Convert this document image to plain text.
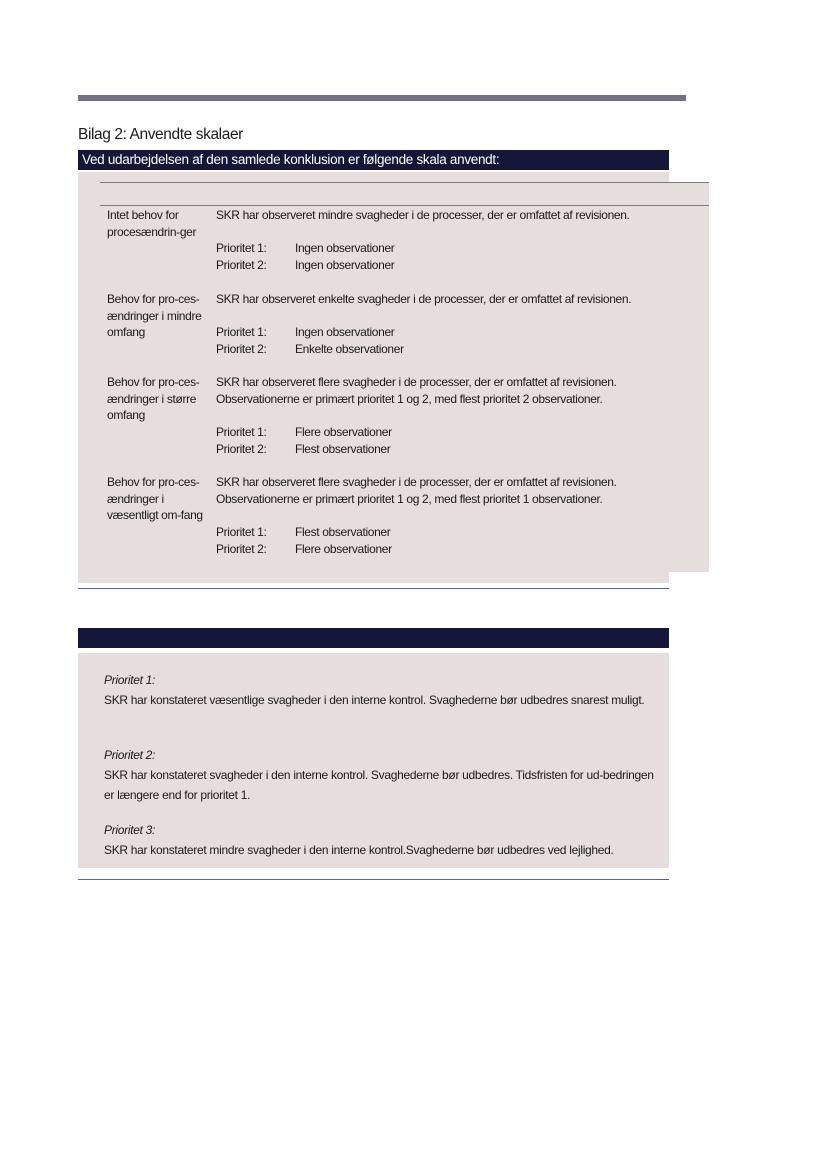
Bilag 2: Anvendte skalaer
Ved udarbejdelsen af den samlede konklusion er følgende skala anvendt:
Intet behov for procesændrin-ger
SKR har observeret mindre svagheder i de processer, der er omfattet af revisionen.
Prioritet 1: Ingen observationer
Prioritet 2: Ingen observationer
Behov for pro-ces- ændringer i mindre omfang
SKR har observeret enkelte svagheder i de processer, der er omfattet af revisionen.
Prioritet 1: Ingen observationer
Prioritet 2: Enkelte observationer
Behov for pro-ces-ændringer i større omfang
SKR har observeret flere svagheder i de processer, der er omfattet af revisionen. Observationerne er primært prioritet 1 og 2, med flest prioritet 2 observationer.
Prioritet 1: Flere observationer
Prioritet 2: Flest observationer
Behov for pro-ces-ændringer i væsentligt om-fang
SKR har observeret flere svagheder i de processer, der er omfattet af revisionen. Observationerne er primært prioritet 1 og 2, med flest prioritet 1 observationer.
Prioritet 1: Flest observationer
Prioritet 2: Flere observationer
Prioritet 1:
SKR har konstateret væsentlige svagheder i den interne kontrol. Svaghederne bør udbedres snarest muligt.
Prioritet 2:
SKR har konstateret svagheder i den interne kontrol. Svaghederne bør udbedres. Tidsfristen for ud-bedringen er længere end for prioritet 1.
Prioritet 3:
SKR har konstateret mindre svagheder i den interne kontrol.Svaghederne bør udbedres ved lejlighed.
